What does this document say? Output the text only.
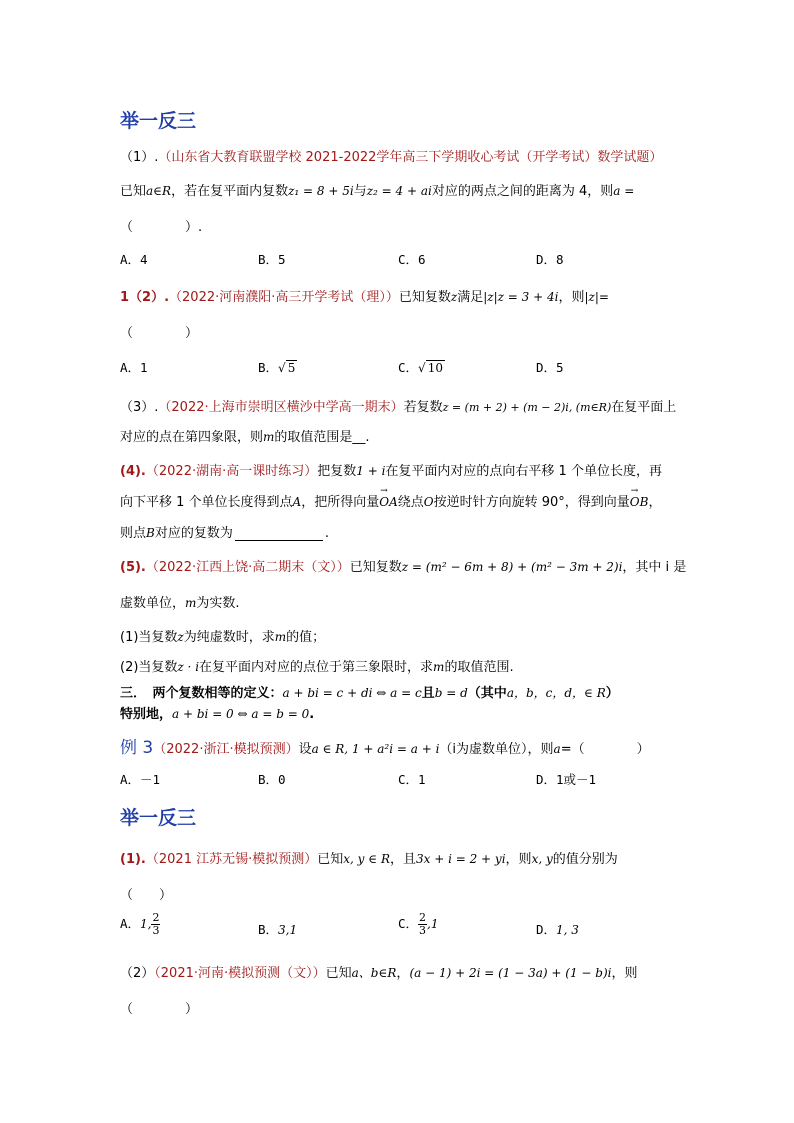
举一反三
（1）.（山东省大教育联盟学校 2021-2022学年高三下学期收心考试（开学考试）数学试题）
已知a∈R，若在复平面内复数z₁ = 8 + 5i与z₂ = 4 + ai对应的两点之间的距离为 4，则a =
（　　　　）.
A．4	B．5	C．6	D．8
1（2）.（2022·河南濮阳·高三开学考试（理））已知复数z满足|z|z = 3 + 4i，则|z|=
（　　　　）
A．1	B．√ 5	C．√ 10	D．5
（3）.（2022·上海市崇明区横沙中学高一期末）若复数z = (m + 2) + (m − 2)i, (m∈R)在复平面上
对应的点在第四象限，则m的取值范围是__.
(4).（2022·湖南·高一课时练习）把复数1 + i在复平面内对应的点向右平移 1 个单位长度，再
向下平移 1 个单位长度得到点A，把所得向量→ OA绕点O按逆时针方向旋转 90°，得到向量→ OB，
则点B对应的复数为	.
(5).（2022·江西上饶·高二期末（文））已知复数z = (m² − 6m + 8) + (m² − 3m + 2)i，其中 i 是
虚数单位，m为实数.
(1)当复数z为纯虚数时，求m的值；
(2)当复数z · i在复平面内对应的点位于第三象限时，求m的取值范围.
三．　两个复数相等的定义：a + bi = c + di ⇔ a = c且b = d（其中a，b，c，d，∈ R）
特别地，a + bi = 0 ⇔ a = b = 0.
例 3（2022·浙江·模拟预测）设a ∈ R, 1 + a²i = a + i（i为虚数单位），则a=（　　　　）
A．－1	B．0	C．1	D．1或－1
举一反三
(1).（2021 江苏无锡·模拟预测）已知x, y ∈ R，且3x + i = 2 + yi，则x, y的值分别为
（　　）
A．1, $\frac{2}{3}$	B．3,1	C． $\frac{2}{3} ,1$	D．1, 3
（2）（2021·河南·模拟预测（文））已知a、b∈R，(a − 1) + 2i = (1 − 3a) + (1 − b)i，则
（　　　　）
